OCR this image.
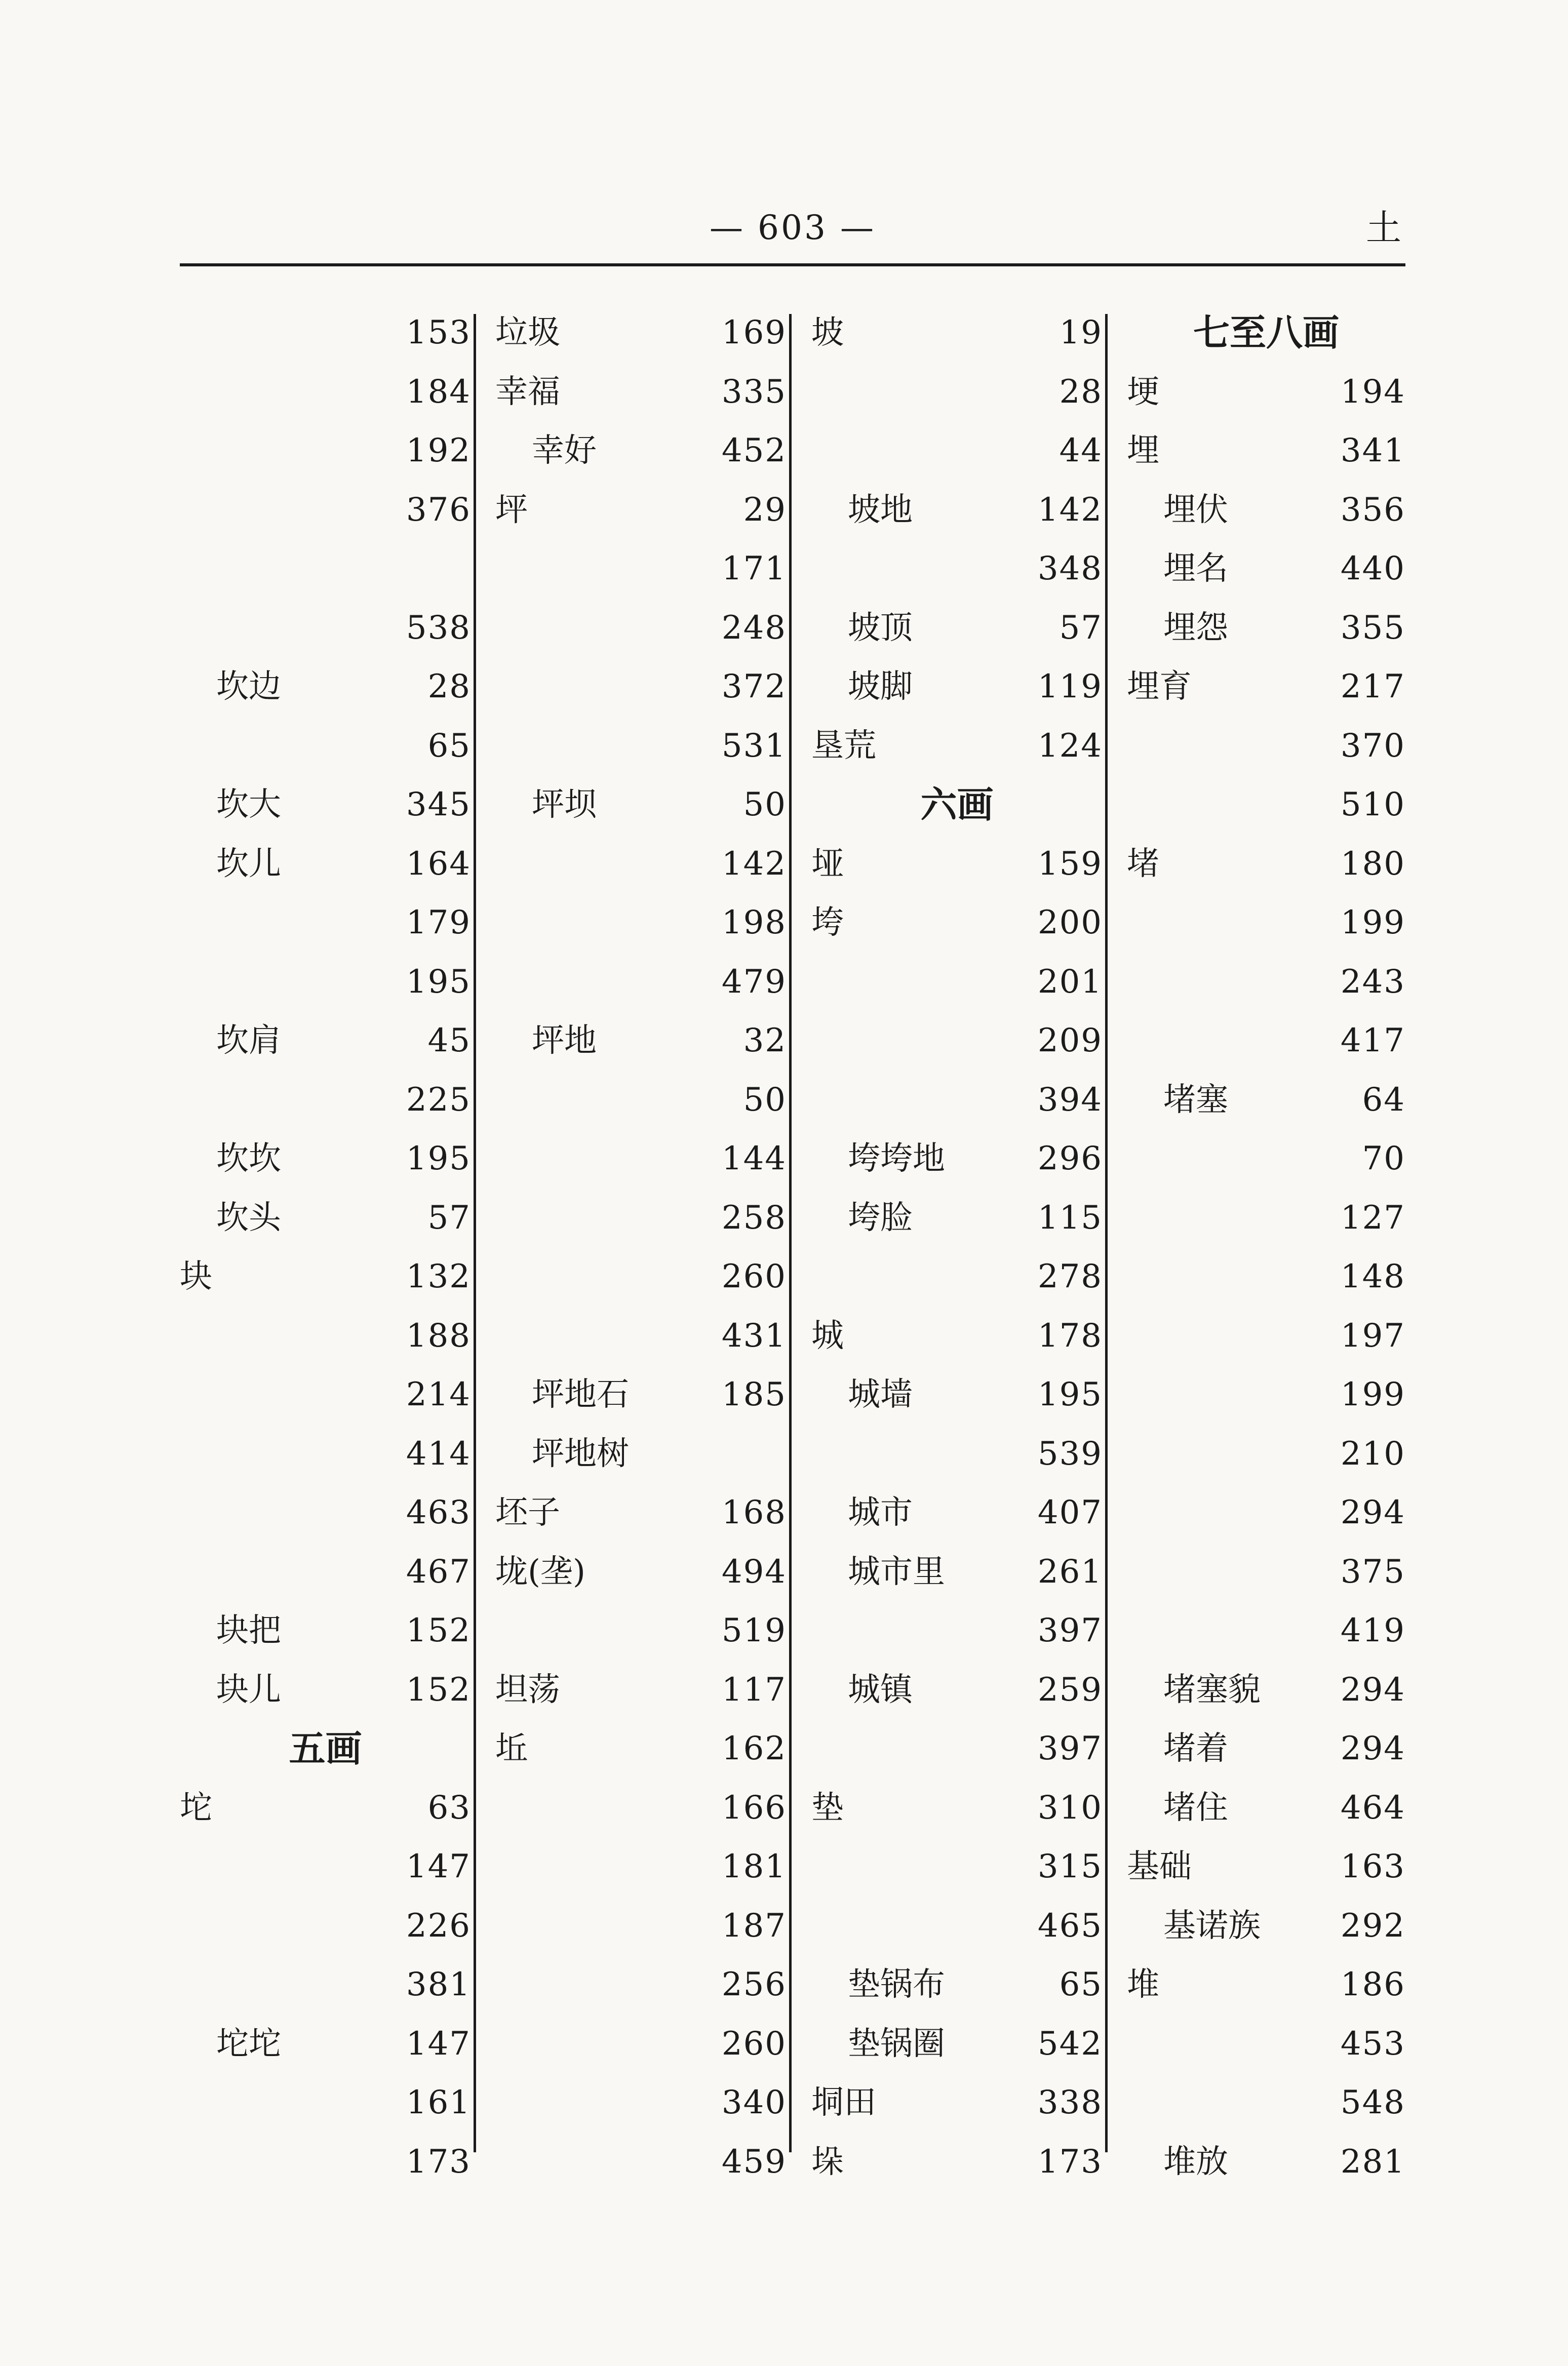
— 603 —	土
153
184
192
376
538
坎边	28
65
坎大	345
坎儿	164
179
195
坎肩	45
225
坎坎	195
坎头	57
块	132
188
214
414
463
467
块把	152
块儿	152
五画
坨	63
147
226
381
坨坨	147
161
173
垃圾	169
幸福	335
幸好	452
坪	29
171
248
372
531
坪坝	50
142
198
479
坪地	32
50
144
258
260
431
坪地石	185
坪地树
坯子	168
垅(垄)	494
519
坦荡	117
坵	162
166
181
187
256
260
340
459
坡	19
28
44
坡地	142
348
坡顶	57
坡脚	119
垦荒	124
六画
垭	159
垮	200
201
209
394
垮垮地	296
垮脸	115
278
城	178
城墙	195
539
城市	407
城市里	261
397
城镇	259
397
垫	310
315
465
垫锅布	65
垫锅圈	542
垌田	338
垛	173
七至八画
埂	194
埋	341
埋伏	356
埋名	440
埋怨	355
埋育	217
370
510
堵	180
199
243
417
堵塞	64
70
127
148
197
199
210
294
375
419
堵塞貌 294
堵着	294
堵住	464
基础	163
基诺族 292
堆	186
453
548
堆放	281
